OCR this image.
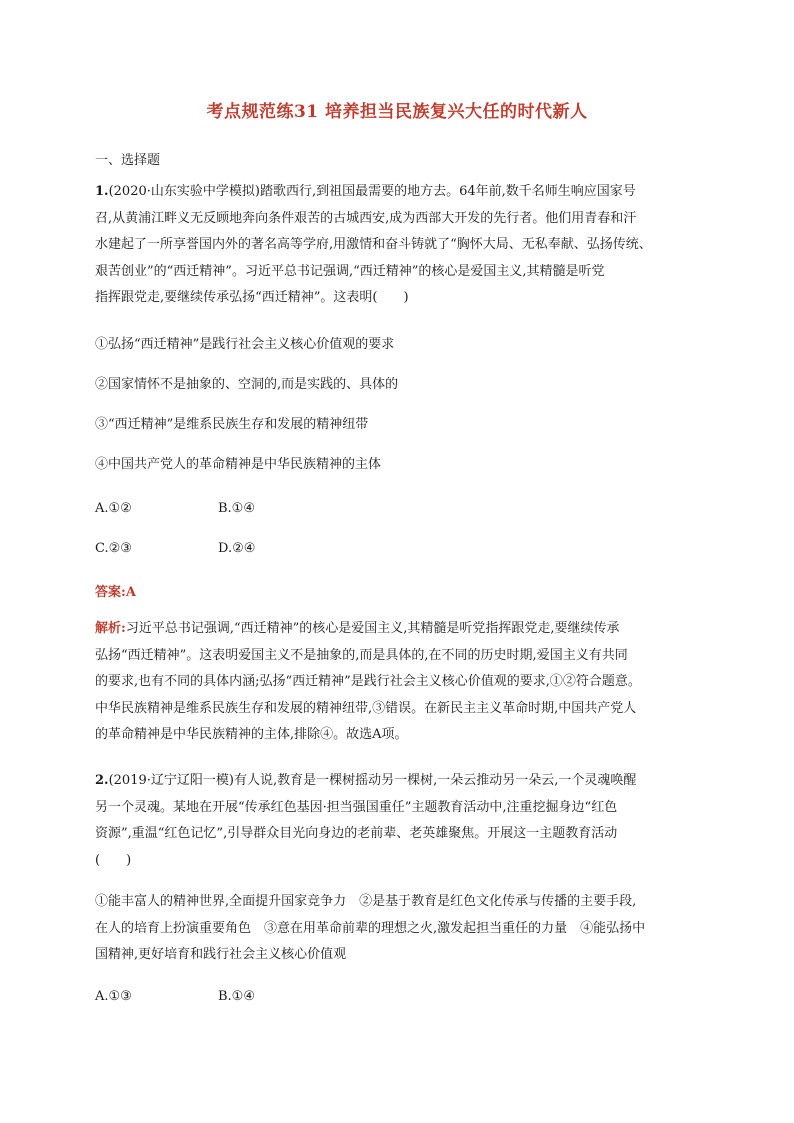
考点规范练31 培养担当民族复兴大任的时代新人
一、选择题
1.(2020·山东实验中学模拟)踏歌西行,到祖国最需要的地方去。64年前,数千名师生响应国家号
召,从黄浦江畔义无反顾地奔向条件艰苦的古城西安,成为西部大开发的先行者。他们用青春和汗
水建起了一所享誉国内外的著名高等学府,用激情和奋斗铸就了“胸怀大局、无私奉献、弘扬传统、
艰苦创业”的“西迁精神”。习近平总书记强调,“西迁精神”的核心是爱国主义,其精髓是听党
指挥跟党走,要继续传承弘扬“西迁精神”。这表明(　　)
①弘扬“西迁精神”是践行社会主义核心价值观的要求
②国家情怀不是抽象的、空洞的,而是实践的、具体的
③“西迁精神”是维系民族生存和发展的精神纽带
④中国共产党人的革命精神是中华民族精神的主体
A.①②	B.①④
C.②③	D.②④
答案:A
解析:习近平总书记强调,“西迁精神”的核心是爱国主义,其精髓是听党指挥跟党走,要继续传承
弘扬“西迁精神”。这表明爱国主义不是抽象的,而是具体的,在不同的历史时期,爱国主义有共同
的要求,也有不同的具体内涵;弘扬“西迁精神”是践行社会主义核心价值观的要求,①②符合题意。
中华民族精神是维系民族生存和发展的精神纽带,③错误。在新民主主义革命时期,中国共产党人
的革命精神是中华民族精神的主体,排除④。故选A项。
2.(2019·辽宁辽阳一模)有人说,教育是一棵树摇动另一棵树,一朵云推动另一朵云,一个灵魂唤醒
另一个灵魂。某地在开展“传承红色基因·担当强国重任”主题教育活动中,注重挖掘身边“红色
资源”,重温“红色记忆”,引导群众目光向身边的老前辈、老英雄聚焦。开展这一主题教育活动
(　　)
①能丰富人的精神世界,全面提升国家竞争力　②是基于教育是红色文化传承与传播的主要手段,
在人的培育上扮演重要角色　③意在用革命前辈的理想之火,激发起担当重任的力量　④能弘扬中
国精神,更好培育和践行社会主义核心价值观
A.①③	B.①④
